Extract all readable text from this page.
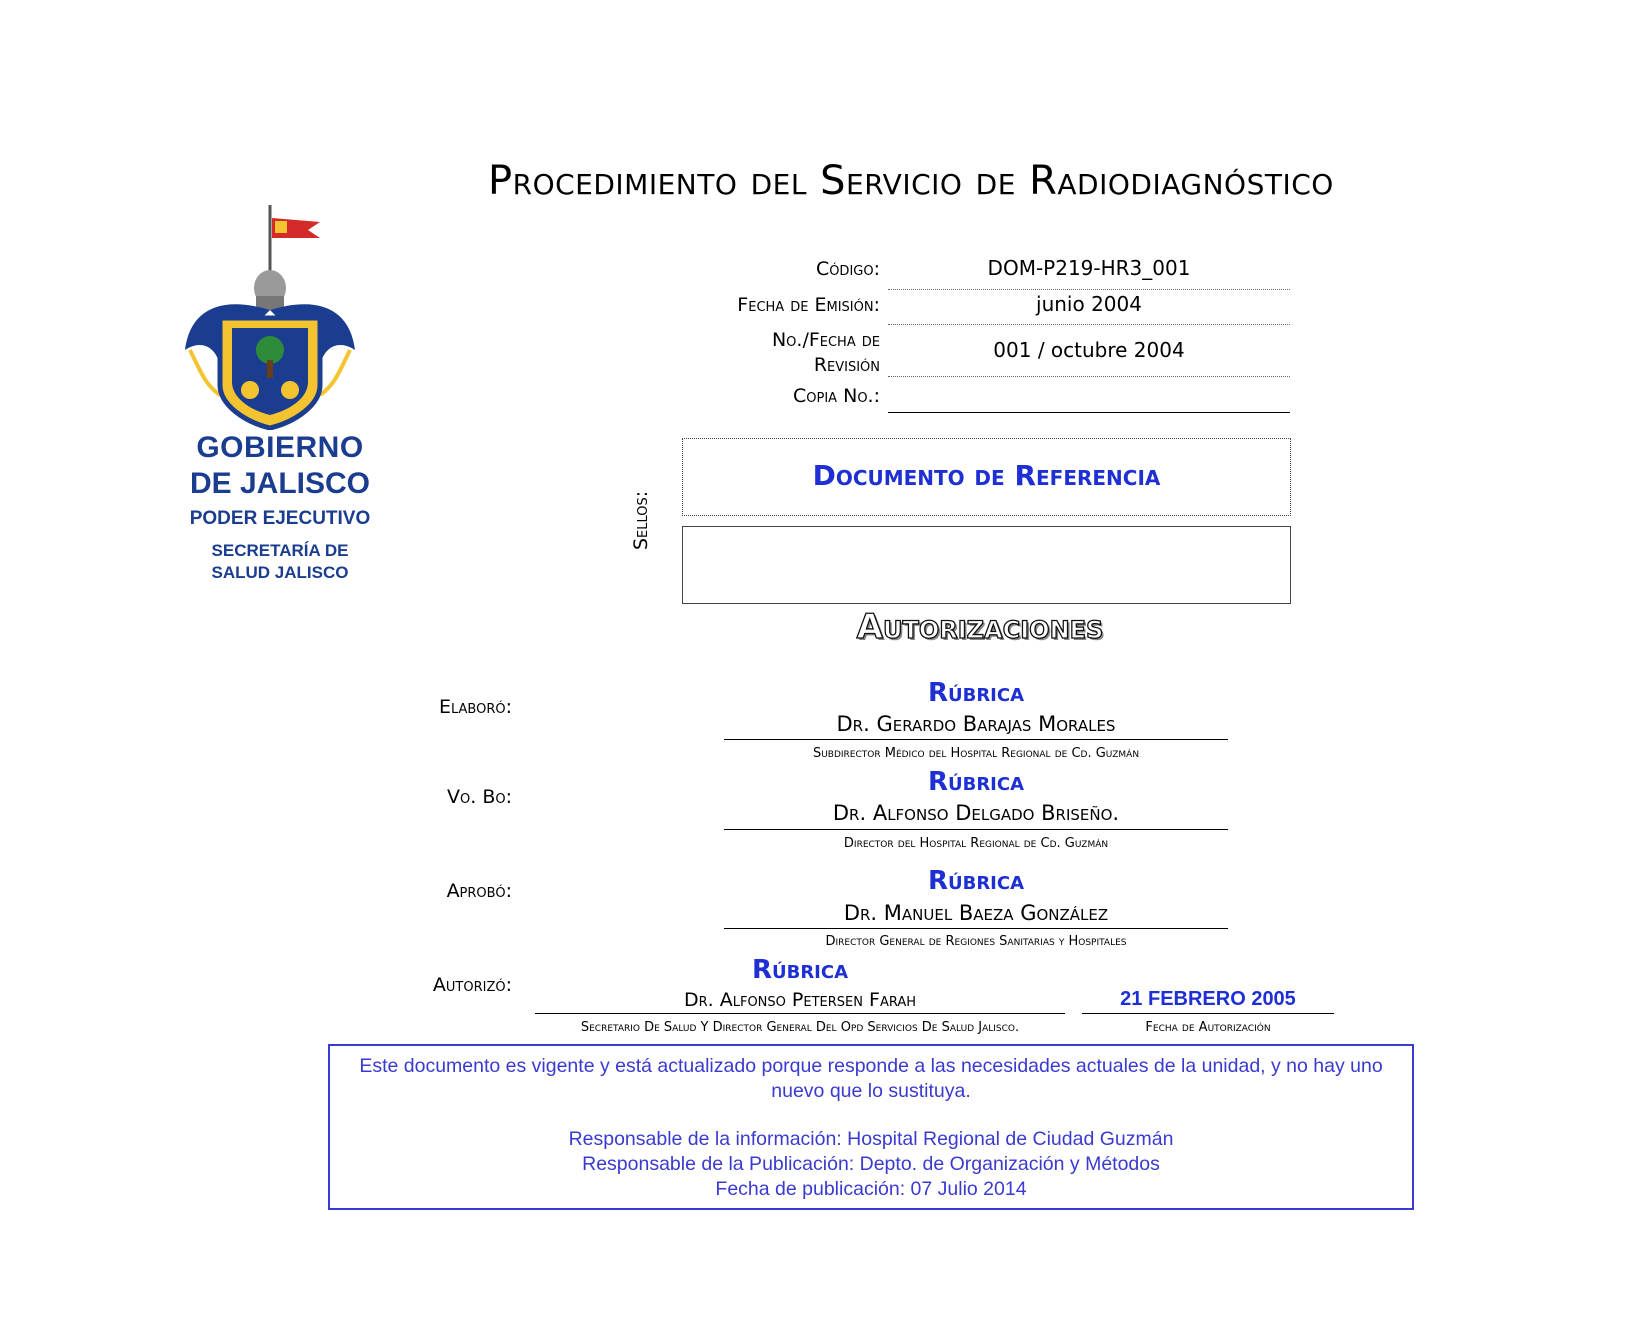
Procedimiento del Servicio de Radiodiagnóstico
GOBIERNO
DE JALISCO
PODER EJECUTIVO
SECRETARÍA DE SALUD JALISCO
Código:	DOM-P219-HR3_001
Fecha de Emisión:	junio 2004
No./Fecha de Revisión
001 / octubre 2004
Copia No.:
Sellos:
Documento de Referencia
Autorizaciones
Elaboró:	Rúbrica
Dr. Gerardo Barajas Morales
Subdirector Médico del Hospital Regional de Cd. Guzmán
Vo. Bo:	Rúbrica
Dr. Alfonso Delgado Briseño.
Director del Hospital Regional de Cd. Guzmán
Aprobó:	Rúbrica
Dr. Manuel Baeza González
Director General de Regiones Sanitarias y Hospitales
Autorizó:	Rúbrica
Dr. Alfonso Petersen Farah
Secretario De Salud Y Director General Del Opd Servicios De Salud Jalisco.
21 FEBRERO 2005
Fecha de Autorización

Este documento es vigente y está actualizado porque responde a las necesidades actuales de la unidad, y no hay uno nuevo que lo sustituya.

Responsable de la información: Hospital Regional de Ciudad Guzmán

Responsable de la Publicación: Depto. de Organización y Métodos

Fecha de publicación: 07 Julio 2014
